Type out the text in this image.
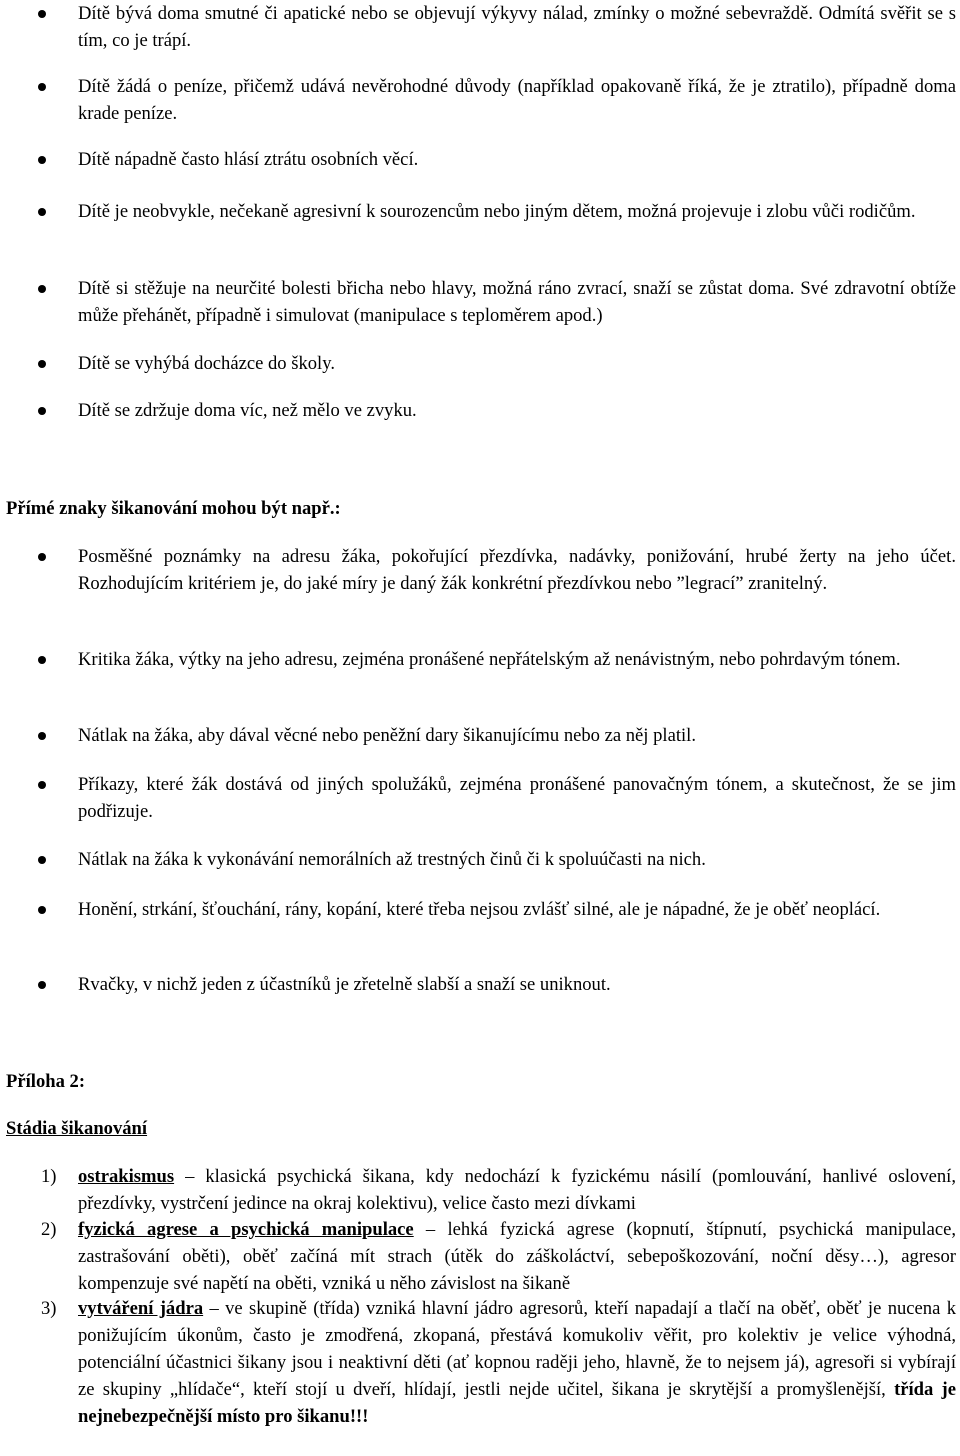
Dítě bývá doma smutné či apatické nebo se objevují výkyvy nálad, zmínky o možné sebevraždě. Odmítá svěřit se s tím, co je trápí.
Dítě žádá o peníze, přičemž udává nevěrohodné důvody (například opakovaně říká, že je ztratilo), případně doma krade peníze.
Dítě nápadně často hlásí ztrátu osobních věcí.
Dítě je neobvykle, nečekaně agresivní k sourozencům nebo jiným dětem, možná projevuje i zlobu vůči rodičům.
Dítě si stěžuje na neurčité bolesti břicha nebo hlavy, možná ráno zvrací, snaží se zůstat doma. Své zdravotní obtíže může přehánět, případně i simulovat (manipulace s teploměrem apod.)
Dítě se vyhýbá docházce do školy.
Dítě se zdržuje doma víc, než mělo ve zvyku.
Přímé znaky šikanování mohou být např.:
Posměšné poznámky na adresu žáka, pokořující přezdívka, nadávky, ponižování, hrubé žerty na jeho účet. Rozhodujícím kritériem je, do jaké míry je daný žák konkrétní přezdívkou nebo ”legrací” zranitelný.
Kritika žáka, výtky na jeho adresu, zejména pronášené nepřátelským až nenávistným, nebo pohrdavým tónem.
Nátlak na žáka, aby dával věcné nebo peněžní dary šikanujícímu nebo za něj platil.
Příkazy, které žák dostává od jiných spolužáků, zejména pronášené panovačným tónem, a skutečnost, že se jim podřizuje.
Nátlak na žáka k vykonávání nemorálních až trestných činů či k spoluúčasti na nich.
Honění, strkání, šťouchání, rány, kopání, které třeba nejsou zvlášť silné, ale je nápadné, že je oběť neoplácí.
Rvačky, v nichž jeden z účastníků je zřetelně slabší a snaží se uniknout.
Příloha 2:
Stádia šikanování
1) ostrakismus – klasická psychická šikana, kdy nedochází k fyzickému násilí (pomlouvání, hanlivé oslovení, přezdívky, vystrčení jedince na okraj kolektivu), velice často mezi dívkami
2) fyzická agrese a psychická manipulace – lehká fyzická agrese (kopnutí, štípnutí, psychická manipulace, zastrašování oběti), oběť začíná mít strach (útěk do záškoláctví, sebepoškozování, noční děsy…), agresor kompenzuje své napětí na oběti, vzniká u něho závislost na šikaně
3) vytváření jádra – ve skupině (třída) vzniká hlavní jádro agresorů, kteří napadají a tlačí na oběť, oběť je nucena k ponižujícím úkonům, často je zmodřená, zkopaná, přestává komukoliv věřit, pro kolektiv je velice výhodná, potenciální účastnici šikany jsou i neaktivní děti (ať kopnou raději jeho, hlavně, že to nejsem já), agresoři si vybírají ze skupiny „hlídače“, kteří stojí u dveří, hlídají, jestli nejde učitel, šikana je skrytější a promyšlenější, třída je nejnebezpečnější místo pro šikanu!!!
